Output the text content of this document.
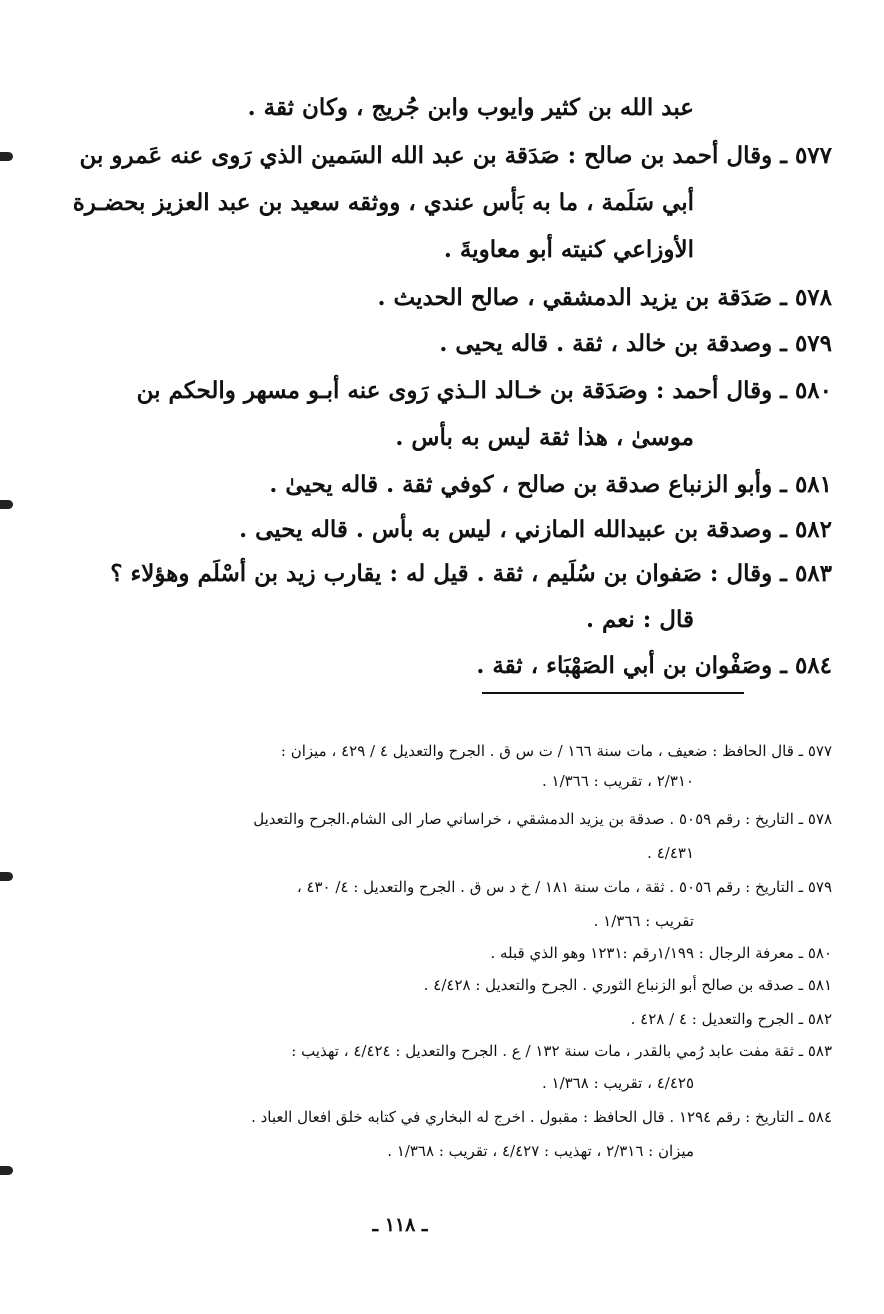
عبد الله بن كثير وايوب وابن جُريج ، وكان ثقة .
٥٧٧ ـ وقال أحمد بن صالح : صَدَقة بن عبد الله السَمين الذي رَوى عنه عَمرو بن
أبي سَلَمة ، ما به بَأس عندي ، ووثقه سعيد بن عبد العزيز بحضـرة
الأوزاعي كنيته أبو معاويةَ .
٥٧٨ ـ صَدَقة بن يزيد الدمشقي ، صالح الحديث .
٥٧٩ ـ وصدقة بن خالد ، ثقة . قاله يحيى .
٥٨٠ ـ وقال أحمد : وصَدَقة بن خـالد الـذي رَوى عنه أبـو مسهر والحكم بن
موسىٰ ، هذا ثقة ليس به بأس .
٥٨١ ـ وأبو الزنباع صدقة بن صالح ، كوفي ثقة . قاله يحيىٰ .
٥٨٢ ـ وصدقة بن عبيدالله المازني ، ليس به بأس . قاله يحيى .
٥٨٣ ـ وقال : صَفوان بن سُلَيم ، ثقة . قيل له : يقارب زيد بن أسْلَم وهؤلاء ؟
قال : نعم .
٥٨٤ ـ وصَفْوان بن أبي الصَهْبَاء ، ثقة .
٥٧٧ ـ قال الحافظ : ضعيف ، مات سنة ١٦٦ / ت س ق . الجرح والتعديل ٤ / ٤٢٩ ، ميزان :
٢/٣١٠ ، تقريب : ١/٣٦٦ .
٥٧٨ ـ التاريخ : رقم ٥٠٥٩ . صدقة بن يزيد الدمشقي ، خراساني صار الى الشام.الجرح والتعديل
٤/٤٣١ .
٥٧٩ ـ التاريخ : رقم ٥٠٥٦ . ثقة ، مات سنة ١٨١ / خ د س ق . الجرح والتعديل : ٤/ ٤٣٠ ،
تقريب : ١/٣٦٦ .
٥٨٠ ـ معرفة الرجال : ١/١٩٩رقم :١٢٣١ وهو الذي قبله .
٥٨١ ـ صدقه بن صالح أبو الزنباع الثوري . الجرح والتعديل : ٤/٤٢٨ .
٥٨٢ ـ الجرح والتعديل : ٤ / ٤٢٨ .
٥٨٣ ـ ثقة مفت عابد رُمي بالقدر ، مات سنة ١٣٢ / ع . الجرح والتعديل : ٤/٤٢٤ ، تهذيب :
٤/٤٢٥ ، تقريب : ١/٣٦٨ .
٥٨٤ ـ التاريخ : رقم ١٢٩٤ . قال الحافظ : مقبول . اخرج له البخاري في كتابه خلق افعال العباد .
ميزان : ٢/٣١٦ ، تهذيب : ٤/٤٢٧ ، تقريب : ١/٣٦٨ .
ـ ١١٨ ـ
